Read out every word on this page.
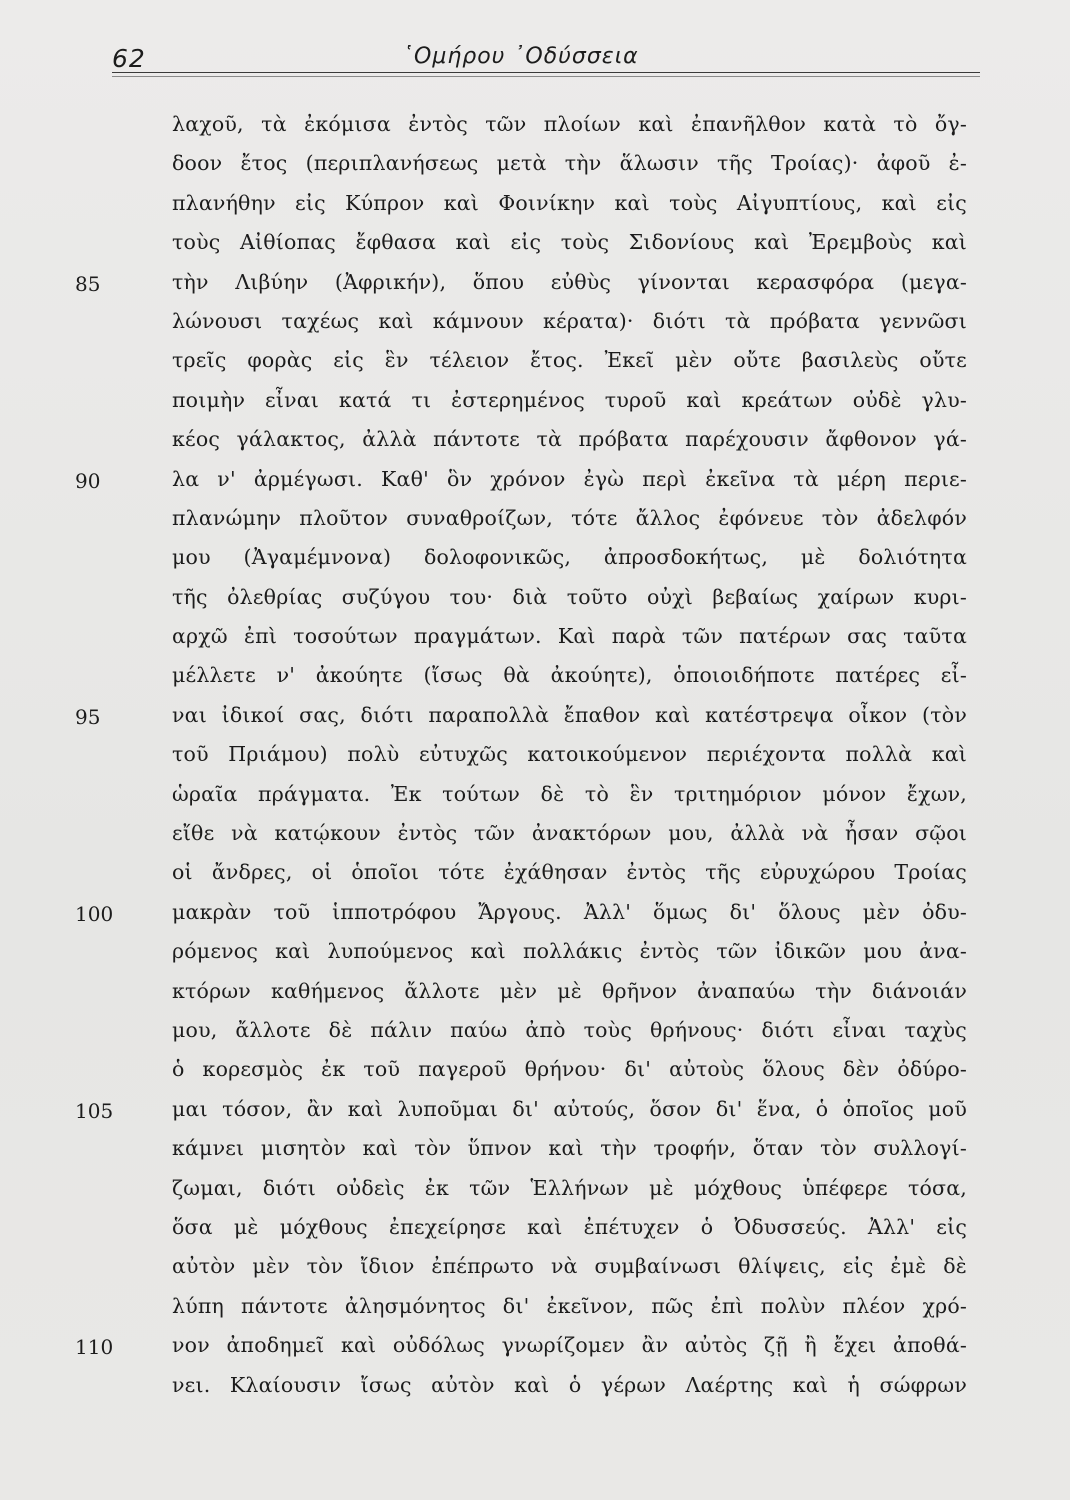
62	῾Ομήρου ᾿Οδύσσεια
λαχοῦ, τὰ ἐκόμισα ἐντὸς τῶν πλοίων καὶ ἐπανῆλθον κατὰ τὸ ὄγ-
δοον ἔτος (περιπλανήσεως μετὰ τὴν ἅλωσιν τῆς Τροίας)· ἀφοῦ ἐ-
πλανήθην εἰς Κύπρον καὶ Φοινίκην καὶ τοὺς Αἰγυπτίους, καὶ εἰς
τοὺς Αἰθίοπας ἔφθασα καὶ εἰς τοὺς Σιδονίους καὶ Ἐρεμβοὺς καὶ
85	τὴν Λιβύην (Ἀφρικήν), ὅπου εὐθὺς γίνονται κερασφόρα (μεγα-
λώνουσι ταχέως καὶ κάμνουν κέρατα)· διότι τὰ πρόβατα γεννῶσι
τρεῖς φορὰς εἰς ἓν τέλειον ἔτος. Ἐκεῖ μὲν οὔτε βασιλεὺς οὔτε
ποιμὴν εἶναι κατά τι ἐστερημένος τυροῦ καὶ κρεάτων οὐδὲ γλυ-
κέος γάλακτος, ἀλλὰ πάντοτε τὰ πρόβατα παρέχουσιν ἄφθονον γά-
90	λα ν' ἀρμέγωσι. Καθ' ὃν χρόνον ἐγὼ περὶ ἐκεῖνα τὰ μέρη περιε-
πλανώμην πλοῦτον συναθροίζων, τότε ἄλλος ἐφόνευε τὸν ἀδελφόν
μου (Ἀγαμέμνονα) δολοφονικῶς, ἀπροσδοκήτως, μὲ δολιότητα
τῆς ὀλεθρίας συζύγου του· διὰ τοῦτο οὐχὶ βεβαίως χαίρων κυρι-
αρχῶ ἐπὶ τοσούτων πραγμάτων. Καὶ παρὰ τῶν πατέρων σας ταῦτα
μέλλετε ν' ἀκούητε (ἴσως θὰ ἀκούητε), ὁποιοιδήποτε πατέρες εἶ-
95	ναι ἰδικοί σας, διότι παραπολλὰ ἔπαθον καὶ κατέστρεψα οἶκον (τὸν
τοῦ Πριάμου) πολὺ εὐτυχῶς κατοικούμενον περιέχοντα πολλὰ καὶ
ὡραῖα πράγματα. Ἐκ τούτων δὲ τὸ ἓν τριτημόριον μόνον ἔχων,
εἴθε νὰ κατῴκουν ἐντὸς τῶν ἀνακτόρων μου, ἀλλὰ νὰ ἦσαν σῷοι
οἱ ἄνδρες, οἱ ὁποῖοι τότε ἐχάθησαν ἐντὸς τῆς εὐρυχώρου Τροίας
100	μακρὰν τοῦ ἱπποτρόφου Ἄργους. Ἀλλ' ὅμως δι' ὅλους μὲν ὀδυ-
ρόμενος καὶ λυπούμενος καὶ πολλάκις ἐντὸς τῶν ἰδικῶν μου ἀνα-
κτόρων καθήμενος ἄλλοτε μὲν μὲ θρῆνον ἀναπαύω τὴν διάνοιάν
μου, ἄλλοτε δὲ πάλιν παύω ἀπὸ τοὺς θρήνους· διότι εἶναι ταχὺς
ὁ κορεσμὸς ἐκ τοῦ παγεροῦ θρήνου· δι' αὐτοὺς ὅλους δὲν ὀδύρο-
105	μαι τόσον, ἂν καὶ λυποῦμαι δι' αὐτούς, ὅσον δι' ἕνα, ὁ ὁποῖος μοῦ
κάμνει μισητὸν καὶ τὸν ὕπνον καὶ τὴν τροφήν, ὅταν τὸν συλλογί-
ζωμαι, διότι οὐδεὶς ἐκ τῶν Ἑλλήνων μὲ μόχθους ὑπέφερε τόσα,
ὅσα μὲ μόχθους ἐπεχείρησε καὶ ἐπέτυχεν ὁ Ὀδυσσεύς. Ἀλλ' εἰς
αὐτὸν μὲν τὸν ἴδιον ἐπέπρωτο νὰ συμβαίνωσι θλίψεις, εἰς ἐμὲ δὲ
λύπη πάντοτε ἀλησμόνητος δι' ἐκεῖνον, πῶς ἐπὶ πολὺν πλέον χρό-
110	νον ἀποδημεῖ καὶ οὐδόλως γνωρίζομεν ἂν αὐτὸς ζῇ ἢ ἔχει ἀποθά-
νει. Κλαίουσιν ἴσως αὐτὸν καὶ ὁ γέρων Λαέρτης καὶ ἡ σώφρων
